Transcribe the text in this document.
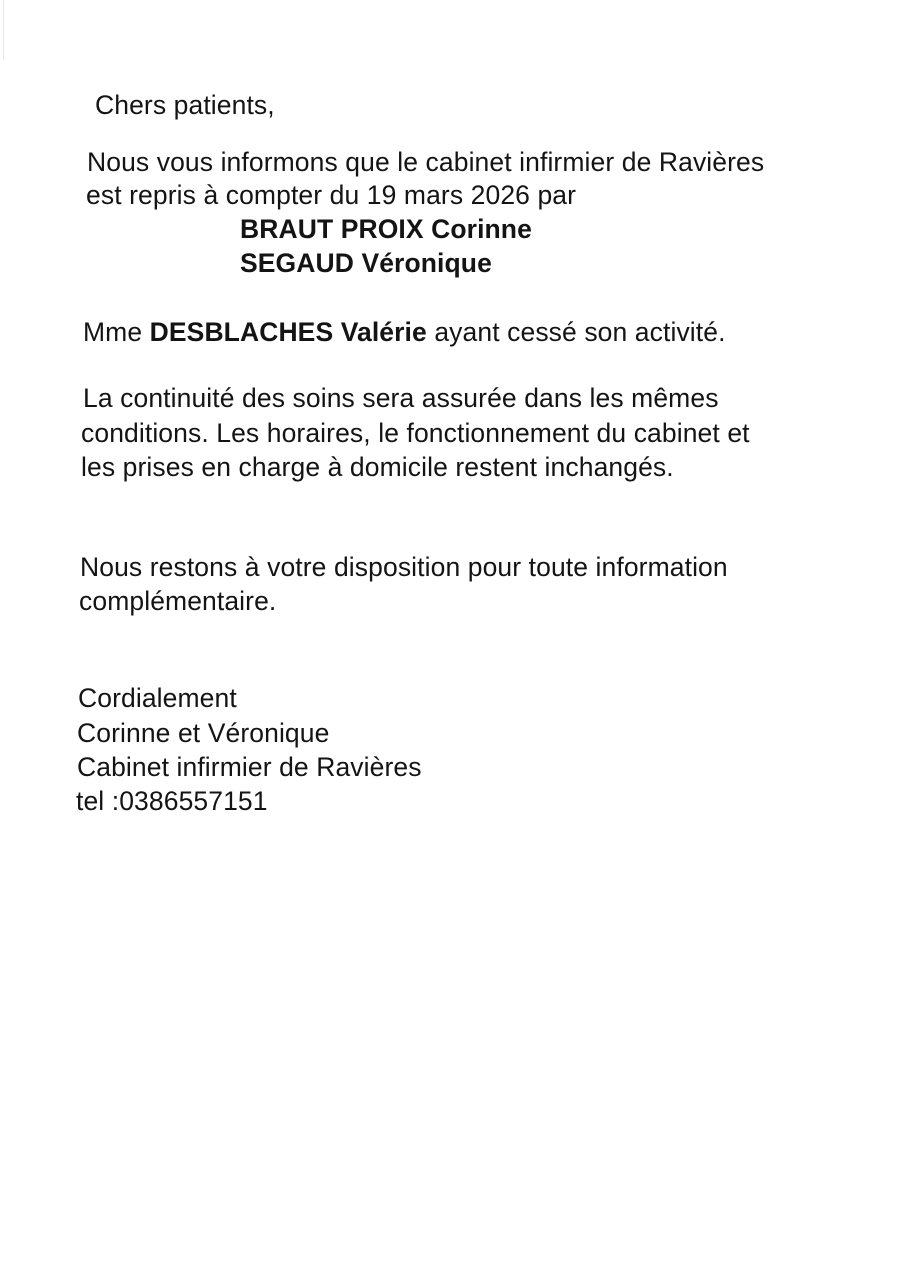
Chers patients,
Nous vous informons que le cabinet infirmier de Ravières
est repris à compter du 19 mars 2026 par
BRAUT PROIX Corinne
SEGAUD Véronique
Mme DESBLACHES Valérie ayant cessé son activité.
La continuité des soins sera assurée dans les mêmes
conditions. Les horaires, le fonctionnement du cabinet et
les prises en charge à domicile restent inchangés.
Nous restons à votre disposition pour toute information
complémentaire.
Cordialement
Corinne et Véronique
Cabinet infirmier de Ravières
tel :0386557151
